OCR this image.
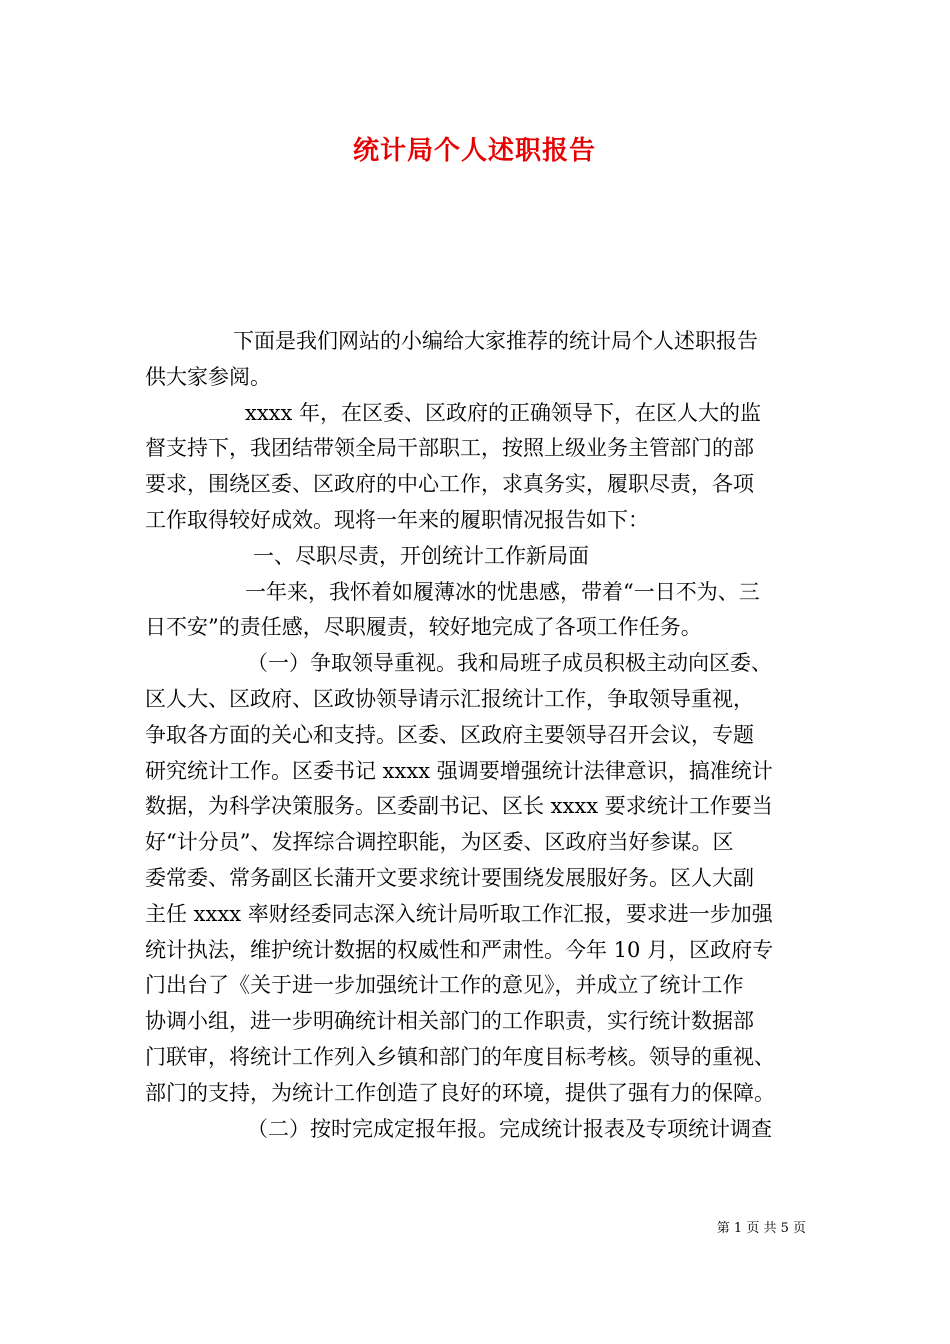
统计局个人述职报告
下面是我们网站的小编给大家推荐的统计局个人述职报告
供大家参阅。
xxxx 年，在区委、区政府的正确领导下，在区人大的监
督支持下，我团结带领全局干部职工，按照上级业务主管部门的部
要求，围绕区委、区政府的中心工作，求真务实，履职尽责，各项
工作取得较好成效。现将一年来的履职情况报告如下：
一、尽职尽责，开创统计工作新局面
一年来，我怀着如履薄冰的忧患感，带着“一日不为、三
日不安”的责任感，尽职履责，较好地完成了各项工作任务。
（一）争取领导重视。我和局班子成员积极主动向区委、
区人大、区政府、区政协领导请示汇报统计工作，争取领导重视，
争取各方面的关心和支持。区委、区政府主要领导召开会议，专题
研究统计工作。区委书记 xxxx 强调要增强统计法律意识，搞准统计
数据，为科学决策服务。区委副书记、区长 xxxx 要求统计工作要当
好“计分员”、发挥综合调控职能，为区委、区政府当好参谋。区
委常委、常务副区长蒲开文要求统计要围绕发展服好务。区人大副
主任 xxxx 率财经委同志深入统计局听取工作汇报，要求进一步加强
统计执法，维护统计数据的权威性和严肃性。今年 10 月，区政府专
门出台了《关于进一步加强统计工作的意见》，并成立了统计工作
协调小组，进一步明确统计相关部门的工作职责，实行统计数据部
门联审，将统计工作列入乡镇和部门的年度目标考核。领导的重视、
部门的支持，为统计工作创造了良好的环境，提供了强有力的保障。
（二）按时完成定报年报。完成统计报表及专项统计调查
第 1 页 共 5 页
